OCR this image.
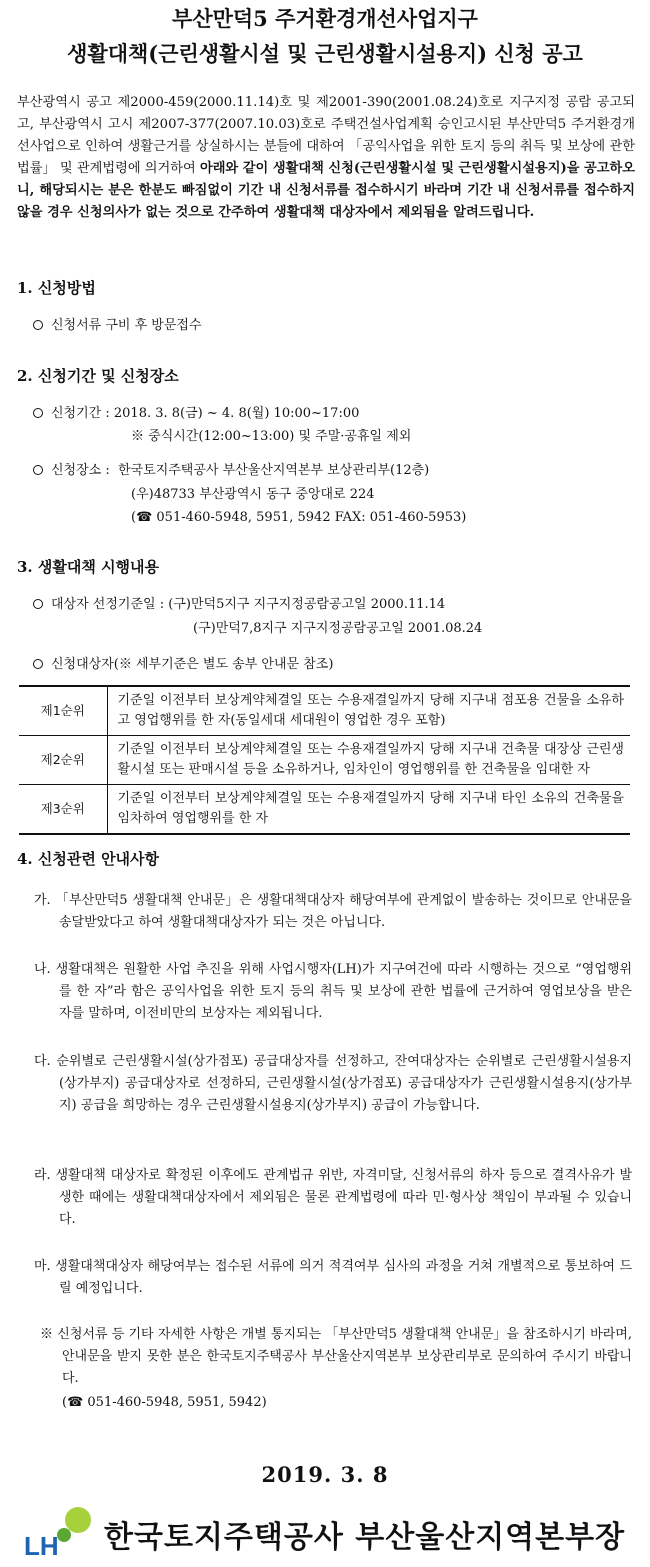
부산만덕5 주거환경개선사업지구
생활대책(근린생활시설 및 근린생활시설용지) 신청 공고

부산광역시 공고 제2000-459(2000.11.14)호 및 제2001-390(2001.08.24)호로 지구지정 공람 공고되고, 부산광역시 고시 제2007-377(2007.10.03)호로 주택건설사업계획 승인고시된 부산만덕5 주거환경개선사업으로 인하여 생활근거를 상실하시는 분들에 대하여 「공익사업을 위한 토지 등의 취득 및 보상에 관한 법률」 및 관계법령에 의거하여 아래와 같이 생활대책 신청(근린생활시설 및 근린생활시설용지)을 공고하오니, 해당되시는 분은 한분도 빠짐없이 기간 내 신청서류를 접수하시기 바라며 기간 내 신청서류를 접수하지 않을 경우 신청의사가 없는 것으로 간주하여 생활대책 대상자에서 제외됨을 알려드립니다.

1. 신청방법
신청서류 구비 후 방문접수
2. 신청기간 및 신청장소
신청기간 : 2018. 3. 8(금) ~ 4. 8(월) 10:00~17:00
※ 중식시간(12:00~13:00) 및 주말·공휴일 제외
신청장소 : 한국토지주택공사 부산울산지역본부 보상관리부(12층)
(우)48733 부산광역시 동구 중앙대로 224
(☎ 051-460-5948, 5951, 5942 FAX: 051-460-5953)
3. 생활대책 시행내용
대상자 선정기준일 : (구)만덕5지구 지구지정공람공고일 2000.11.14
(구)만덕7,8지구 지구지정공람공고일 2001.08.24
신청대상자(※ 세부기준은 별도 송부 안내문 참조)
제1순위	기준일 이전부터 보상계약체결일 또는 수용재결일까지 당해 지구내 점포용 건물을 소유하고 영업행위를 한 자(동일세대 세대원이 영업한 경우 포함)
제2순위	기준일 이전부터 보상계약체결일 또는 수용재결일까지 당해 지구내 건축물 대장상 근린생활시설 또는 판매시설 등을 소유하거나, 임차인이 영업행위를 한 건축물을 임대한 자
제3순위	기준일 이전부터 보상계약체결일 또는 수용재결일까지 당해 지구내 타인 소유의 건축물을 임차하여 영업행위를 한 자
4. 신청관련 안내사항

가. 「부산만덕5 생활대책 안내문」은 생활대책대상자 해당여부에 관계없이 발송하는 것이므로 안내문을 송달받았다고 하여 생활대책대상자가 되는 것은 아닙니다.

나. 생활대책은 원활한 사업 추진을 위해 사업시행자(LH)가 지구여건에 따라 시행하는 것으로 “영업행위를 한 자”라 함은 공익사업을 위한 토지 등의 취득 및 보상에 관한 법률에 근거하여 영업보상을 받은 자를 말하며, 이전비만의 보상자는 제외됩니다.

다. 순위별로 근린생활시설(상가점포) 공급대상자를 선정하고, 잔여대상자는 순위별로 근린생활시설용지(상가부지) 공급대상자로 선정하되, 근린생활시설(상가점포) 공급대상자가 근린생활시설용지(상가부지) 공급을 희망하는 경우 근린생활시설용지(상가부지) 공급이 가능합니다.

라. 생활대책 대상자로 확정된 이후에도 관계법규 위반, 자격미달, 신청서류의 하자 등으로 결격사유가 발생한 때에는 생활대책대상자에서 제외됨은 물론 관계법령에 따라 민·형사상 책임이 부과될 수 있습니다.

마. 생활대책대상자 해당여부는 접수된 서류에 의거 적격여부 심사의 과정을 거쳐 개별적으로 통보하여 드릴 예정입니다.

※ 신청서류 등 기타 자세한 사항은 개별 통지되는 「부산만덕5 생활대책 안내문」을 참조하시기 바라며, 안내문을 받지 못한 분은 한국토지주택공사 부산울산지역본부 보상관리부로 문의하여 주시기 바랍니다.

(☎ 051-460-5948, 5951, 5942)
2019. 3. 8
LH 한국토지주택공사 부산울산지역본부장
